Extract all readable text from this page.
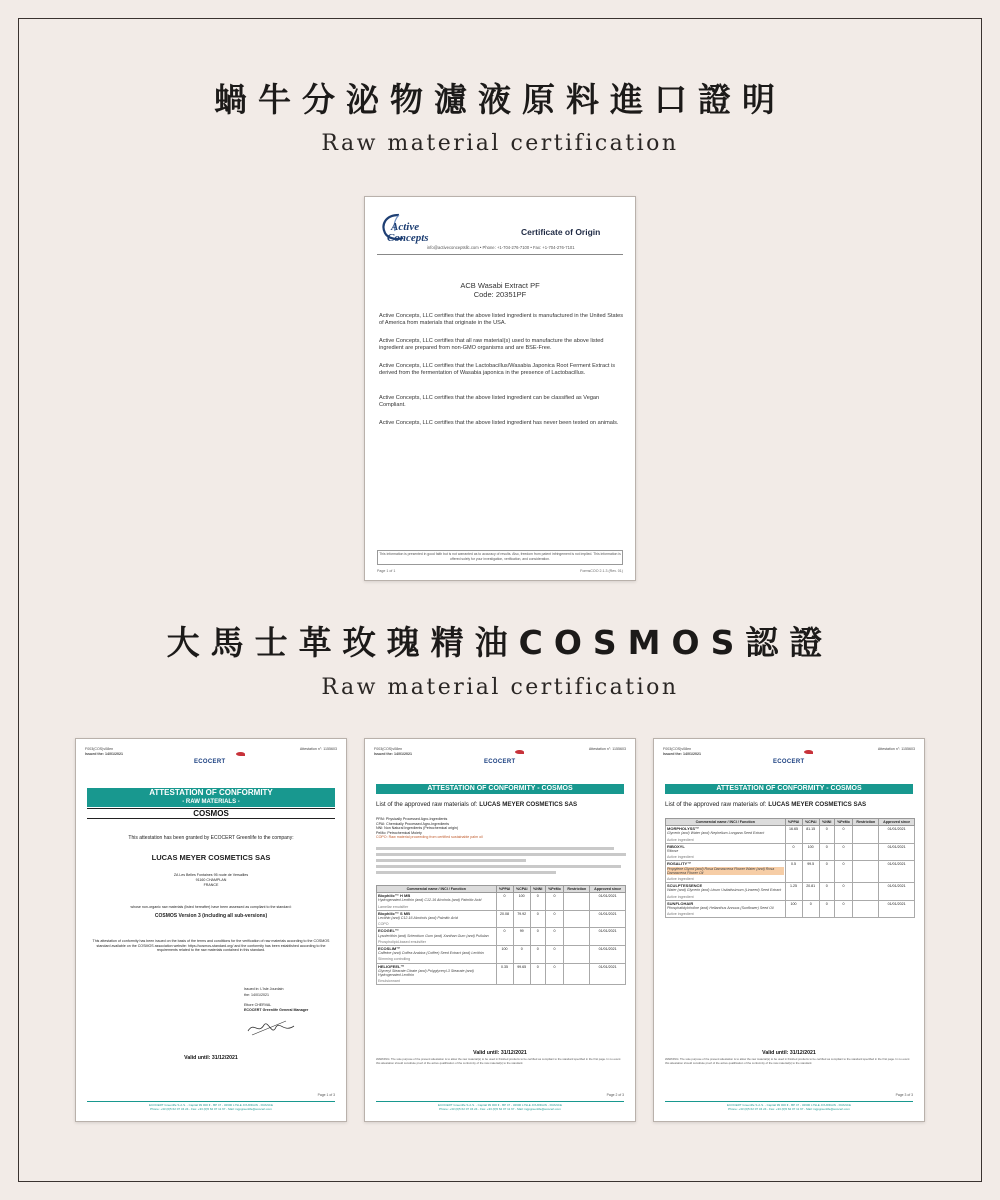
蝸牛分泌物濾液原料進口證明
Raw material certification
Active
Concepts	Certificate of Origin
info@activeconceptsllc.com • Phone: +1-704-276-7100 • Fax: +1-704-276-7101
ACB Wasabi Extract PF
Code: 20351PF
Active Concepts, LLC certifies that the above listed ingredient is manufactured in the United States of America from materials that originate in the USA.
Active Concepts, LLC certifies that all raw material(s) used to manufacture the above listed ingredient are prepared from non-GMO organisms and are BSE-Free.
Active Concepts, LLC certifies that the Lactobacillus/Wasabia Japonica Root Ferment Extract is derived from the fermentation of Wasabia japonica in the presence of Lactobacillus.
Active Concepts, LLC certifies that the above listed ingredient can be classified as Vegan Compliant.
Active Concepts, LLC certifies that the above listed ingredient has never been tested on animals.
This information is presented in good faith but is not warranted as to accuracy of results. Also, freedom from patent infringement is not implied. This information is offered solely for your investigation, verification, and consideration.
Page 1 of 1	FormsCOO 2.1.3 (Rev. 01)
大馬士革玫瑰精油COSMOS認證
Raw material certification
F003(COS)v08en
Issued the: 14/01/2021
Attestation n°: 1155603
ECOCERT
ATTESTATION OF CONFORMITY
- RAW MATERIALS -
COSMOS
This attestation has been granted by ECOCERT Greenlife to the company:
LUCAS MEYER COSMETICS SAS
ZA Les Belles Fontaines 95 route de Versailles
91160 CHAMPLAN
FRANCE
whose non-organic raw materials (listed hereafter) have been assessed as compliant to the standard:
COSMOS Version 3 (including all sub-versions)
This attestation of conformity has been issued on the basis of the terms and conditions for the verification of raw materials according to the COSMOS standard available on the COSMOS association website: https://cosmos-standard.org/ and the conformity has been established according to the requirements related to the raw materials contained in this standard.
Issued in: L'Isle Jourdain
the: 14/01/2021
Ettore CHERVAL
ECOCERT Greenlife General Manager
Valid until: 31/12/2021
Page 1 of 3
ECOCERT Greenlife S.A.S. - Capital 99 000 € - BP 47 - 32600 L'ISLE JOURDAIN - FRANCE
Phone: +33 (0)5 62 07 34 24 - Fax: +33 (0)5 62 07 11 67 - Mail: ingpgreenlife@ecocert.com
F003(COS)v08en
Issued the: 14/01/2021
Attestation n°: 1155603
ECOCERT
ATTESTATION OF CONFORMITY - COSMOS
List of the approved raw materials of: LUCAS MEYER COSMETICS SAS
PPAI: Physically Processed Agro-Ingredients
CPAI: Chemically Processed Agro-Ingredients
NNI: Non Natural Ingredients (Petrochemical origin)
PeMo: Petrochemical Moiety
COPO: Raw material proceeding from certified sustainable palm oil
Commercial name / INCI / Function	%PPAI	%CPAI	%NNI	%PeMo	Restriction	Approved since

Biophilic™ H MB
Hydrogenated Lecithin (and) C12-16 Alcohols (and) Palmitic Acid
Lamellar emulsifier	0	100	0	0		01/01/2021

Biophilic™ S MB
Lecithin (and) C12-16 Alcohols (and) Palmitic Acid
COPO	20.08	79.92	0	0		01/01/2021

ECOGEL™
Lysolecithin (and) Sclerotium Gum (and) Xanthan Gum (and) Pullulan
Phospholipid-based emulsifier	0	99	0	0		01/01/2021

ECOSLIM™
Caffeine (and) Coffea Arabica (Coffee) Seed Extract (and) Lecithin
Slimming controlling	100	0	0	0		01/01/2021

HELIOFEEL™
Glyceryl Stearate Citrate (and) Polyglyceryl-3 Stearate (and) Hydrogenated Lecithin
Emulsionnant	0.35	99.65	0	0		01/01/2021
Valid until: 31/12/2021
WARNING: The sole purpose of the present attestation is to allow the raw material(s) to be used in finished products to be certified as compliant to the standard specified in the first page. In no event this attestation should constitute proof of the active qualification of the conformity of the raw material(s) to the standard.
Page 2 of 3
ECOCERT Greenlife S.A.S. - Capital 99 000 € - BP 47 - 32600 L'ISLE JOURDAIN - FRANCE
Phone: +33 (0)5 62 07 34 24 - Fax: +33 (0)5 62 07 11 67 - Mail: ingpgreenlife@ecocert.com
F003(COS)v08en
Issued the: 14/01/2021
Attestation n°: 1155603
ECOCERT
ATTESTATION OF CONFORMITY - COSMOS
List of the approved raw materials of: LUCAS MEYER COSMETICS SAS
Commercial name / INCI / Function	%PPAI	%CPAI	%NNI	%PeMo	Restriction	Approved since

MORPHOLYSS™
Glycerin (and) Water (and) Nephelium Longana Seed Extract
Active ingredient	16.65	81.15	0	0		01/01/2021

RIBOXYL
Ribose
Active ingredient	0	100	0	0		01/01/2021

ROSALITY™
Propylene Glycol (and) Rosa Damascena Flower Water (and) Rosa Damascena Flower Oil
Active ingredient	0.5	99.5	0	0		01/01/2021

SCULPTESSENCE
Water (and) Glycerin (and) Linum Usitatissimum (Linseed) Seed Extract
Active ingredient	1.25	20.81	0	0		01/01/2021

SUNFLOHAIR
Phosphatidylcholine (and) Helianthus Annuus (Sunflower) Seed Oil
Active ingredient	100	0	0	0		01/01/2021
Valid until: 31/12/2021
WARNING: The sole purpose of the present attestation is to allow the raw material(s) to be used in finished products to be certified as compliant to the standard specified in the first page. In no event this attestation should constitute proof of the active qualification of the conformity of the raw material(s) to the standard.
Page 3 of 3
ECOCERT Greenlife S.A.S. - Capital 99 000 € - BP 47 - 32600 L'ISLE JOURDAIN - FRANCE
Phone: +33 (0)5 62 07 34 24 - Fax: +33 (0)5 62 07 11 67 - Mail: ingpgreenlife@ecocert.com
